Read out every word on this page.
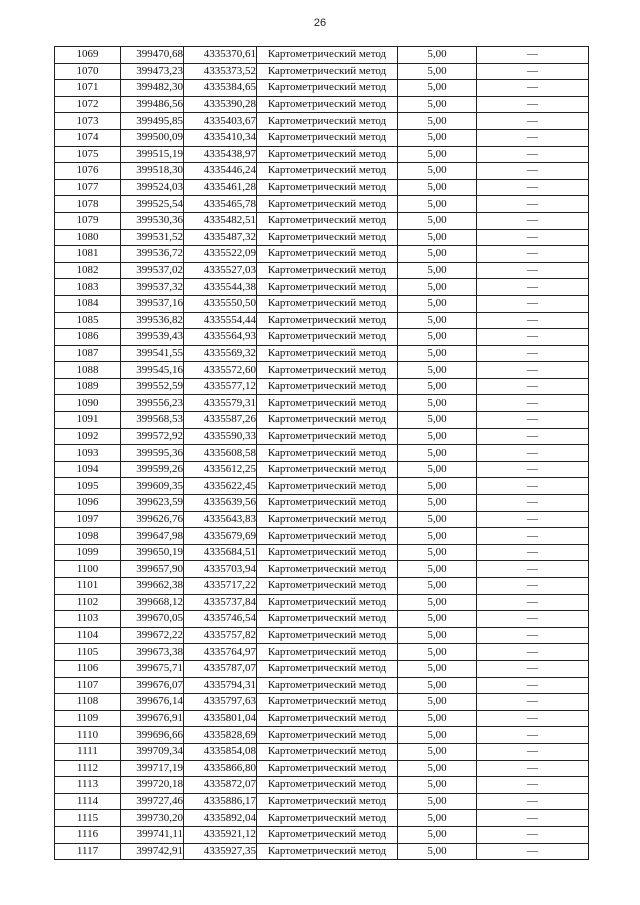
26
1069	399470,68	4335370,61	Картометрический метод	5,00	—
1070	399473,23	4335373,52	Картометрический метод	5,00	—
1071	399482,30	4335384,65	Картометрический метод	5,00	—
1072	399486,56	4335390,28	Картометрический метод	5,00	—
1073	399495,85	4335403,67	Картометрический метод	5,00	—
1074	399500,09	4335410,34	Картометрический метод	5,00	—
1075	399515,19	4335438,97	Картометрический метод	5,00	—
1076	399518,30	4335446,24	Картометрический метод	5,00	—
1077	399524,03	4335461,28	Картометрический метод	5,00	—
1078	399525,54	4335465,78	Картометрический метод	5,00	—
1079	399530,36	4335482,51	Картометрический метод	5,00	—
1080	399531,52	4335487,32	Картометрический метод	5,00	—
1081	399536,72	4335522,09	Картометрический метод	5,00	—
1082	399537,02	4335527,03	Картометрический метод	5,00	—
1083	399537,32	4335544,38	Картометрический метод	5,00	—
1084	399537,16	4335550,50	Картометрический метод	5,00	—
1085	399536,82	4335554,44	Картометрический метод	5,00	—
1086	399539,43	4335564,93	Картометрический метод	5,00	—
1087	399541,55	4335569,32	Картометрический метод	5,00	—
1088	399545,16	4335572,60	Картометрический метод	5,00	—
1089	399552,59	4335577,12	Картометрический метод	5,00	—
1090	399556,23	4335579,31	Картометрический метод	5,00	—
1091	399568,53	4335587,26	Картометрический метод	5,00	—
1092	399572,92	4335590,33	Картометрический метод	5,00	—
1093	399595,36	4335608,58	Картометрический метод	5,00	—
1094	399599,26	4335612,25	Картометрический метод	5,00	—
1095	399609,35	4335622,45	Картометрический метод	5,00	—
1096	399623,59	4335639,56	Картометрический метод	5,00	—
1097	399626,76	4335643,83	Картометрический метод	5,00	—
1098	399647,98	4335679,69	Картометрический метод	5,00	—
1099	399650,19	4335684,51	Картометрический метод	5,00	—
1100	399657,90	4335703,94	Картометрический метод	5,00	—
1101	399662,38	4335717,22	Картометрический метод	5,00	—
1102	399668,12	4335737,84	Картометрический метод	5,00	—
1103	399670,05	4335746,54	Картометрический метод	5,00	—
1104	399672,22	4335757,82	Картометрический метод	5,00	—
1105	399673,38	4335764,97	Картометрический метод	5,00	—
1106	399675,71	4335787,07	Картометрический метод	5,00	—
1107	399676,07	4335794,31	Картометрический метод	5,00	—
1108	399676,14	4335797,63	Картометрический метод	5,00	—
1109	399676,91	4335801,04	Картометрический метод	5,00	—
1110	399696,66	4335828,69	Картометрический метод	5,00	—
1111	399709,34	4335854,08	Картометрический метод	5,00	—
1112	399717,19	4335866,80	Картометрический метод	5,00	—
1113	399720,18	4335872,07	Картометрический метод	5,00	—
1114	399727,46	4335886,17	Картометрический метод	5,00	—
1115	399730,20	4335892,04	Картометрический метод	5,00	—
1116	399741,11	4335921,12	Картометрический метод	5,00	—
1117	399742,91	4335927,35	Картометрический метод	5,00	—
